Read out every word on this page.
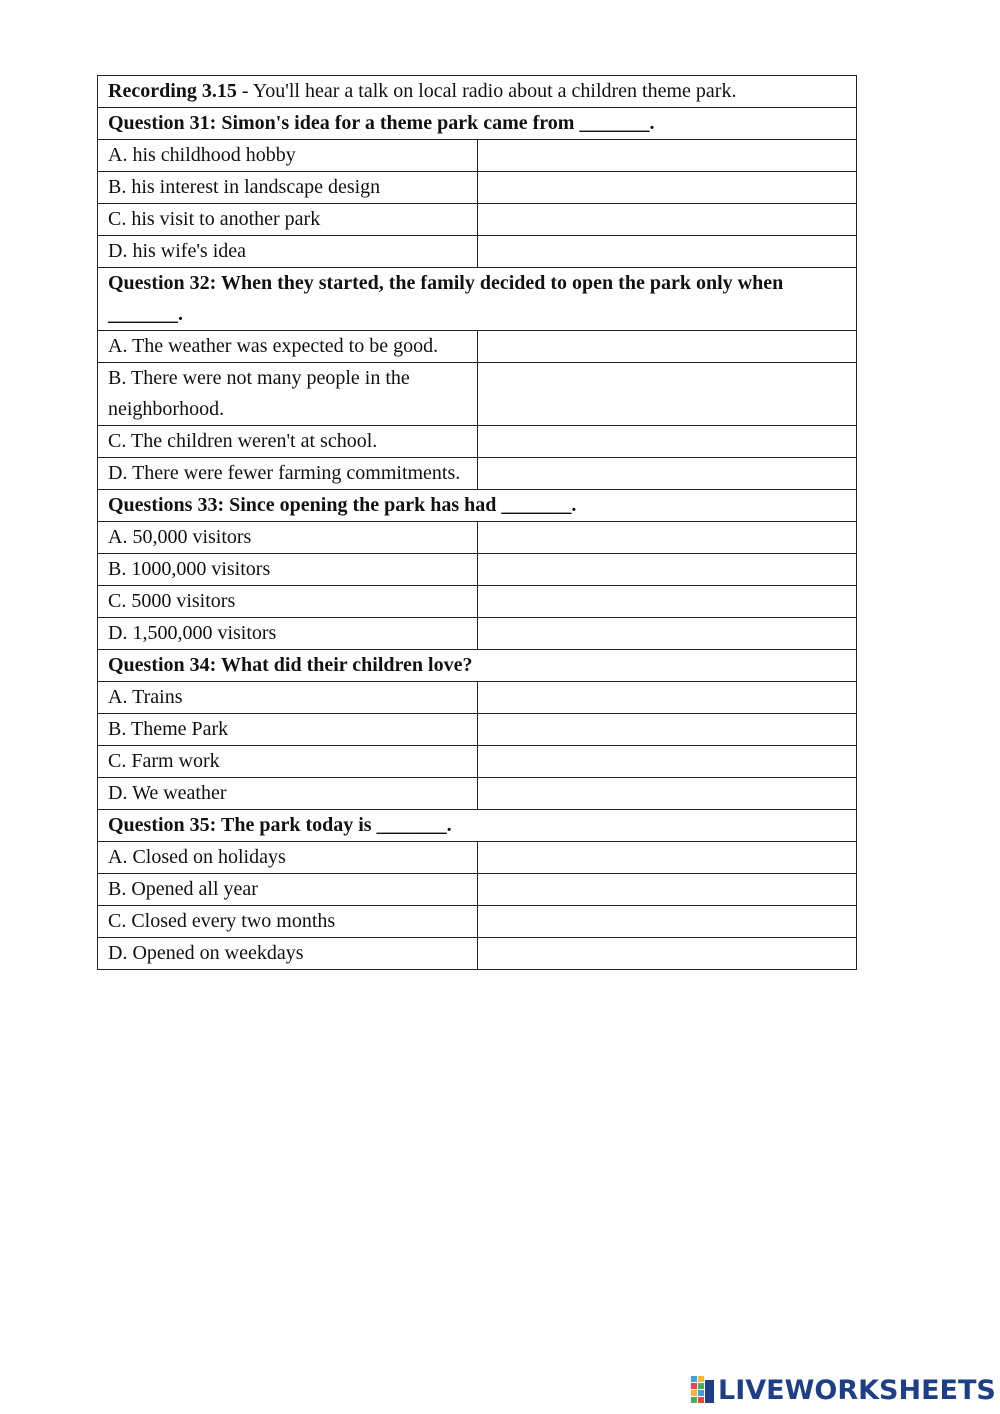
Recording 3.15 - You'll hear a talk on local radio about a children theme park.	
Question 31: Simon's idea for a theme park came from _______.	
A. his childhood hobby	
B. his interest in landscape design	
C. his visit to another park	
D. his wife's idea	
Question 32: When they started, the family decided to open the park only when _______.	
A. The weather was expected to be good.	
B. There were not many people in the neighborhood.	
C. The children weren't at school.	
D. There were fewer farming commitments.	
Questions 33: Since opening the park has had _______.	
A. 50,000 visitors	
B. 1000,000 visitors	
C. 5000 visitors	
D. 1,500,000 visitors	
Question 34: What did their children love?	
A. Trains	
B. Theme Park	
C. Farm work	
D. We weather	
Question 35: The park today is _______.	
A. Closed on holidays	
B. Opened all year	
C. Closed every two months	
D. Opened on weekdays	
LIVEWORKSHEETS
